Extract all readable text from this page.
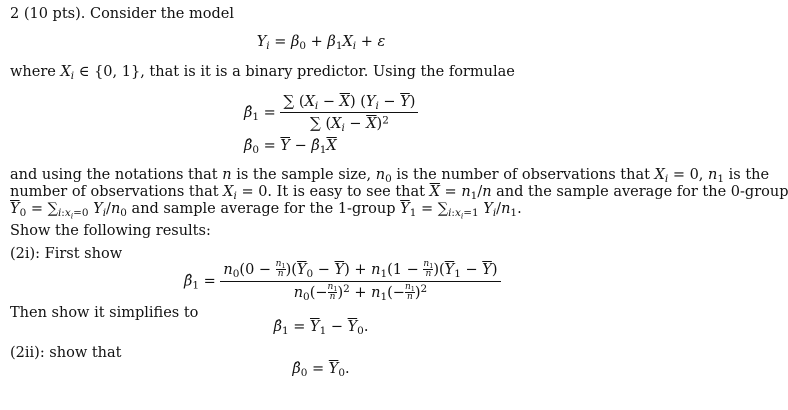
2 (10 pts). Consider the model
$Y_i = \beta_0 + \beta_1X_i + \varepsilon$
where $X_i$ ∈ {0, 1}, that is it is a binary predictor. Using the formulae
$\betâ_1 = \frac{\sum (X_i - \overline{X}) (Y_i - \overline{Y})}{\sum (X_i - \overline{X})^2}$
$\betâ_0 = \overline{Y}$ − $\betâ_1\overline{X}$
and using the notations that n is the sample size, $n_0$ is the number of observations that $X_i = 0$, $n_1$ is the
number of observations that $X_i = 0$. It is easy to see that $\overline{X} = n_1/n$ and the sample average for the 0-group
$\overline{Y}_0 = \sum_{i:x_i=0}$ $Y_i/n_0$ and sample average for the 1-group $\overline{Y}_1 = \sum_{i:x_i=1}$ $Y_i/n_1$.
Show the following results:
(2i): First show
$\betâ_1 = \frac{n_0(0 - \frac{n_1}{n} )(\overline{Y}_0 - \overline{Y}) + n_1(1 - \frac{n_1}{n} )(\overline{Y}_1 - \overline{Y})}{n_0(- \frac{n_1}{n} )^2 + n_1(- \frac{n_1}{n} )^2}$
Then show it simplifies to
$\betâ_1 = \overline{Y}_1 - \overline{Y}_0$.
(2ii): show that
$\betâ_0 = \overline{Y}_0$.
